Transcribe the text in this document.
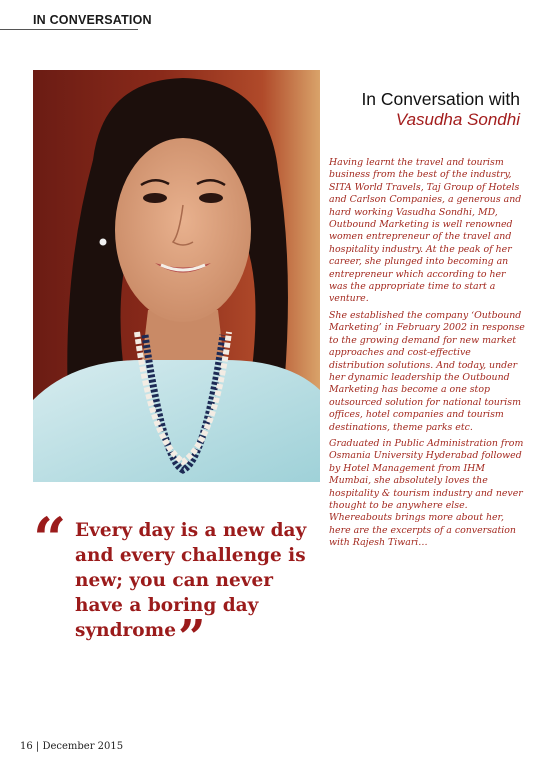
IN CONVERSATION
In Conversation with
Vasudha Sondhi

Having learnt the travel and tourism business from the best of the industry, SITA World Travels, Taj Group of Hotels and Carlson Companies, a generous and hard working Vasudha Sondhi, MD, Outbound Marketing is well renowned women entrepreneur of the travel and hospitality industry. At the peak of her career, she plunged into becoming an entrepreneur which according to her was the appropriate time to start a venture.

She established the company ‘Outbound Marketing’ in February 2002 in response to the growing demand for new market approaches and cost-effective distribution solutions. And today, under her dynamic leadership the Outbound Marketing has become a one stop outsourced solution for national tourism offices, hotel companies and tourism destinations, theme parks etc.

Graduated in Public Administration from Osmania University Hyderabad followed by Hotel Management from IHM Mumbai, she absolutely loves the hospitality & tourism industry and never thought to be anywhere else. Whereabouts brings more about her, here are the excerpts of a conversation with Rajesh Tiwari…

“ Every day is a new day and every challenge is new; you can never have a boring day syndrome”
16 | December 2015
